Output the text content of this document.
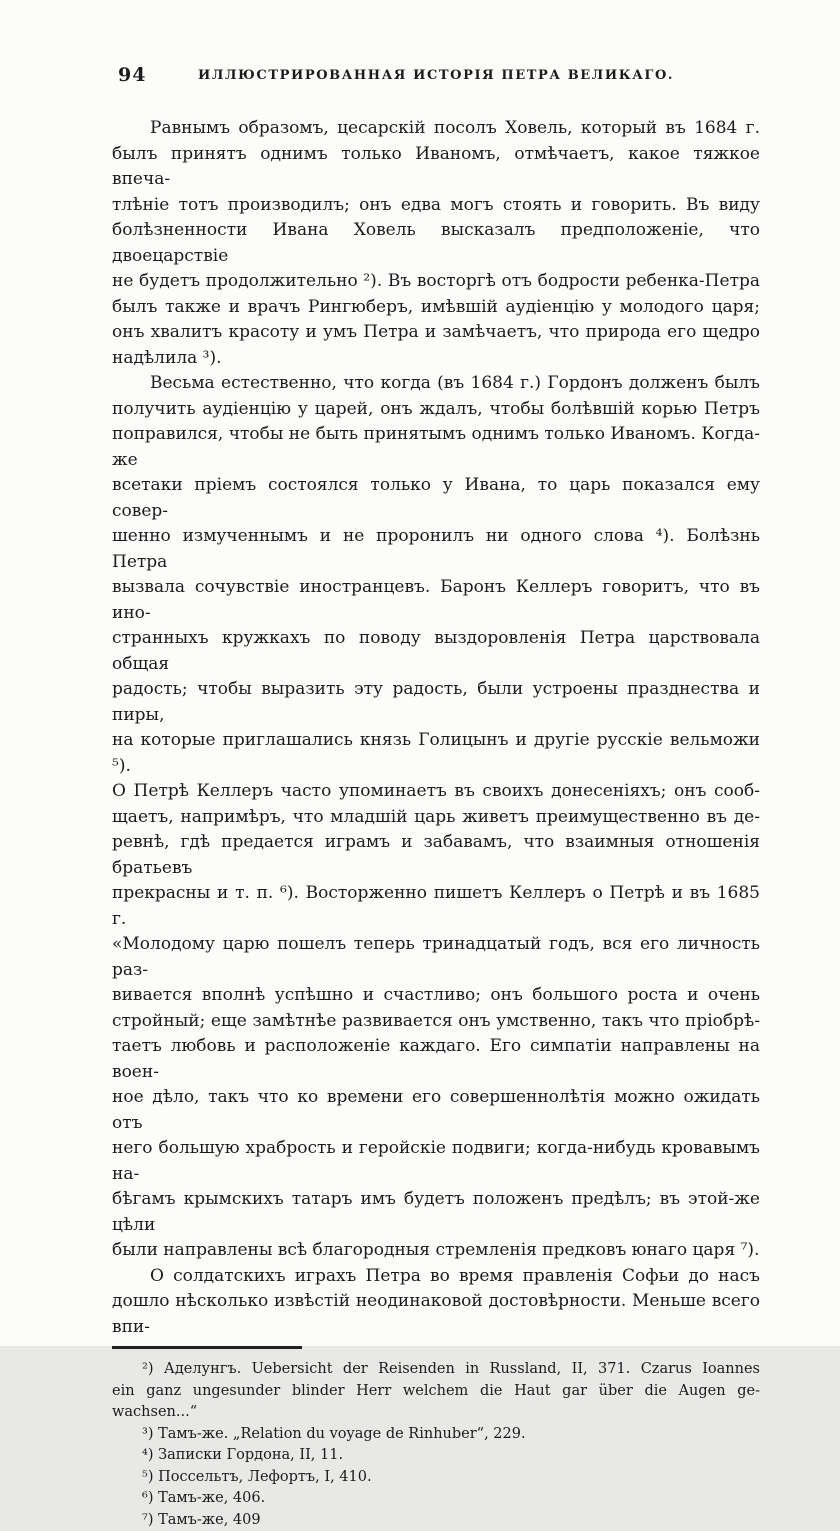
94	ИЛЛЮСТРИРОВАННАЯ ИСТОРІЯ ПЕТРА ВЕЛИКАГО.
Равнымъ образомъ, цесарскій посолъ Ховель, который въ 1684 г.
былъ принятъ однимъ только Иваномъ, отмѣчаетъ, какое тяжкое впеча-
тлѣніе тотъ производилъ; онъ едва могъ стоять и говорить. Въ виду
болѣзненности Ивана Ховель высказалъ предположеніе, что двоецарствіе
не будетъ продолжительно ²). Въ восторгѣ отъ бодрости ребенка-Петра
былъ также и врачъ Рингюберъ, имѣвшій аудіенцію у молодого царя;
онъ хвалитъ красоту и умъ Петра и замѣчаетъ, что природа его щедро
надѣлила ³).
Весьма естественно, что когда (въ 1684 г.) Гордонъ долженъ былъ
получить аудіенцію у царей, онъ ждалъ, чтобы болѣвшій корью Петръ
поправился, чтобы не быть принятымъ однимъ только Иваномъ. Когда-же
всетаки пріемъ состоялся только у Ивана, то царь показался ему совер-
шенно измученнымъ и не проронилъ ни одного слова ⁴). Болѣзнь Петра
вызвала сочувствіе иностранцевъ. Баронъ Келлеръ говоритъ, что въ ино-
странныхъ кружкахъ по поводу выздоровленія Петра царствовала общая
радость; чтобы выразить эту радость, были устроены празднества и пиры,
на которые приглашались князь Голицынъ и другіе русскіе вельможи ⁵).
О Петрѣ Келлеръ часто упоминаетъ въ своихъ донесеніяхъ; онъ сооб-
щаетъ, напримѣръ, что младшій царь живетъ преимущественно въ де-
ревнѣ, гдѣ предается играмъ и забавамъ, что взаимныя отношенія братьевъ
прекрасны и т. п. ⁶). Восторженно пишетъ Келлеръ о Петрѣ и въ 1685 г.
«Молодому царю пошелъ теперь тринадцатый годъ, вся его личность раз-
вивается вполнѣ успѣшно и счастливо; онъ большого роста и очень
стройный; еще замѣтнѣе развивается онъ умственно, такъ что пріобрѣ-
таетъ любовь и расположеніе каждаго. Его симпатіи направлены на воен-
ное дѣло, такъ что ко времени его совершеннолѣтія можно ожидать отъ
него большую храбрость и геройскіе подвиги; когда-нибудь кровавымъ на-
бѣгамъ крымскихъ татаръ имъ будетъ положенъ предѣлъ; въ этой-же цѣли
были направлены всѣ благородныя стремленія предковъ юнаго царя ⁷).
О солдатскихъ играхъ Петра во время правленія Софьи до насъ
дошло нѣсколько извѣстій неодинаковой достовѣрности. Меньше всего впи-
²) Аделунгъ. Uebersicht der Reisenden in Russland, II, 371. Czarus Ioannes
ein ganz ungesunder blinder Herr welchem die Haut gar über die Augen ge-
wachsen...“
³) Тамъ-же. „Relation du voyage de Rinhuber“, 229.
⁴) Записки Гордона, II, 11.
⁵) Поссельтъ, Лефортъ, I, 410.
⁶) Тамъ-же, 406.
⁷) Тамъ-же, 409
